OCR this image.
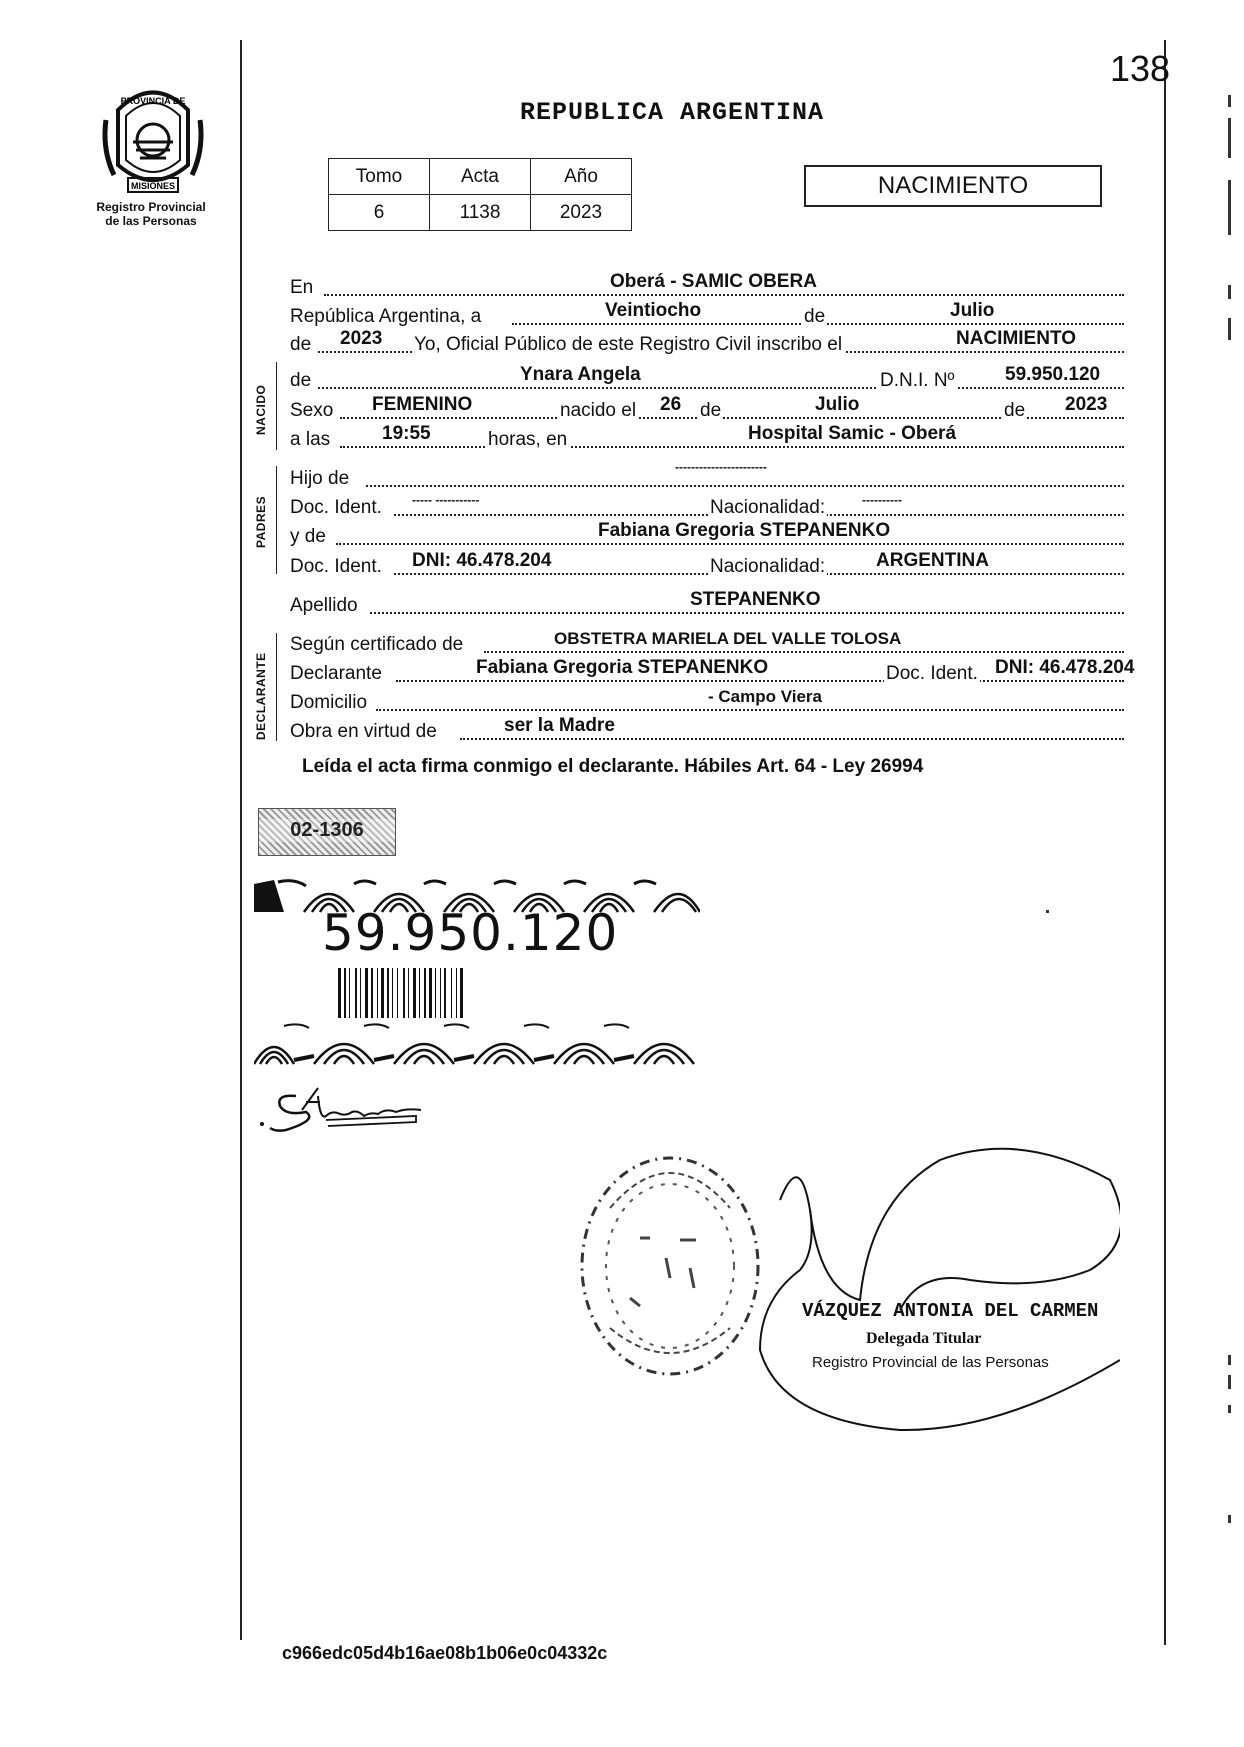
138
PROVINCIA DE
MISIONES
Registro Provincial
de las Personas
REPUBLICA ARGENTINA
Tomo	Acta	Año
6	1138	2023
NACIMIENTO
En	Oberá - SAMIC OBERA
República Argentina, a	Veintiocho	de	Julio
de 2023 Yo, Oficial Público de este Registro Civil inscribo el	NACIMIENTO
NACIDO
de	Ynara Angela	D.N.I. Nº	59.950.120
Sexo FEMENINO	nacido el 26 de	Julio	de 2023
a las	19:55	horas, en	Hospital Samic - Oberá
PADRES
Hijo de
-----------------------
Doc. Ident.	----- -----------	Nacionalidad:	----------
y de	Fabiana Gregoria STEPANENKO
Doc. Ident. DNI: 46.478.204	Nacionalidad:	ARGENTINA
Apellido	STEPANENKO
DECLARANTE
Según certificado de	OBSTETRA MARIELA DEL VALLE TOLOSA
Declarante	Fabiana Gregoria STEPANENKO	Doc. Ident. DNI: 46.478.204
Domicilio	- Campo Viera
Obra en virtud de	ser la Madre
Leída el acta firma conmigo el declarante. Hábiles Art. 64 - Ley 26994
02-1306
59.950.120
VÁZQUEZ ANTONIA DEL CARMEN
Delegada Titular
Registro Provincial de las Personas
c966edc05d4b16ae08b1b06e0c04332c
